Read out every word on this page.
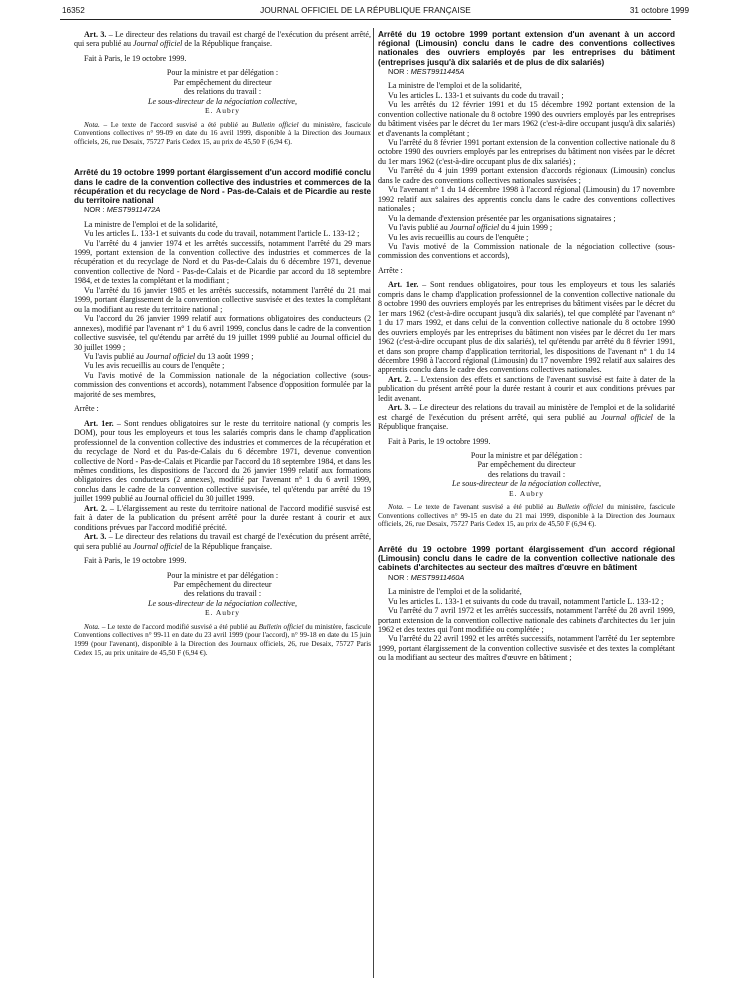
16352	JOURNAL OFFICIEL DE LA RÉPUBLIQUE FRANÇAISE	31 octobre 1999

Art. 3. – Le directeur des relations du travail est chargé de l'exécution du présent arrêté, qui sera publié au Journal officiel de la République française.

Fait à Paris, le 19 octobre 1999.

Pour la ministre et par délégation :

Par empêchement du directeur

des relations du travail :

Le sous-directeur de la négociation collective,

E. Aubry

Nota. – Le texte de l'accord susvisé a été publié au Bulletin officiel du ministère, fascicule Conventions collectives n° 99-09 en date du 16 avril 1999, disponible à la Direction des Journaux officiels, 26, rue Desaix, 75727 Paris Cedex 15, au prix de 45,50 F (6,94 €).

Arrêté du 19 octobre 1999 portant élargissement d'un accord modifié conclu dans le cadre de la convention collective des industries et commerces de la récupération et du recyclage de Nord - Pas-de-Calais et de Picardie au reste du territoire national

NOR : MEST9911472A

La ministre de l'emploi et de la solidarité,

Vu les articles L. 133-1 et suivants du code du travail, notamment l'article L. 133-12 ;

Vu l'arrêté du 4 janvier 1974 et les arrêtés successifs, notamment l'arrêté du 29 mars 1999, portant extension de la convention collective des industries et commerces de la récupération et du recyclage de Nord et du Pas-de-Calais du 6 décembre 1971, devenue convention collective de Nord - Pas-de-Calais et de Picardie par accord du 18 septembre 1984, et de textes la complétant et la modifiant ;

Vu l'arrêté du 16 janvier 1985 et les arrêtés successifs, notamment l'arrêté du 21 mai 1999, portant élargissement de la convention collective susvisée et des textes la complétant ou la modifiant au reste du territoire national ;

Vu l'accord du 26 janvier 1999 relatif aux formations obligatoires des conducteurs (2 annexes), modifié par l'avenant n° 1 du 6 avril 1999, conclus dans le cadre de la convention collective susvisée, tel qu'étendu par arrêté du 19 juillet 1999 publié au Journal officiel du 30 juillet 1999 ;

Vu l'avis publié au Journal officiel du 13 août 1999 ;

Vu les avis recueillis au cours de l'enquête ;

Vu l'avis motivé de la Commission nationale de la négociation collective (sous-commission des conventions et accords), notamment l'absence d'opposition formulée par la majorité de ses membres,

Arrête :

Art. 1er. – Sont rendues obligatoires sur le reste du territoire national (y compris les DOM), pour tous les employeurs et tous les salariés compris dans le champ d'application professionnel de la convention collective des industries et commerces de la récupération et du recyclage de Nord et du Pas-de-Calais du 6 décembre 1971, devenue convention collective de Nord - Pas-de-Calais et Picardie par l'accord du 18 septembre 1984, et dans les mêmes conditions, les dispositions de l'accord du 26 janvier 1999 relatif aux formations obligatoires des conducteurs (2 annexes), modifié par l'avenant n° 1 du 6 avril 1999, conclus dans le cadre de la convention collective susvisée, tel qu'étendu par arrêté du 19 juillet 1999 publié au Journal officiel du 30 juillet 1999.

Art. 2. – L'élargissement au reste du territoire national de l'accord modifié susvisé est fait à dater de la publication du présent arrêté pour la durée restant à courir et aux conditions prévues par l'accord modifié précité.

Art. 3. – Le directeur des relations du travail est chargé de l'exécution du présent arrêté, qui sera publié au Journal officiel de la République française.

Fait à Paris, le 19 octobre 1999.

Pour la ministre et par délégation :

Par empêchement du directeur

des relations du travail :

Le sous-directeur de la négociation collective,

E. Aubry

Nota. – Le texte de l'accord modifié susvisé a été publié au Bulletin officiel du ministère, fascicule Conventions collectives n° 99-11 en date du 23 avril 1999 (pour l'accord), n° 99-18 en date du 15 juin 1999 (pour l'avenant), disponible à la Direction des Journaux officiels, 26, rue Desaix, 75727 Paris Cedex 15, au prix unitaire de 45,50 F (6,94 €).

Arrêté du 19 octobre 1999 portant extension d'un avenant à un accord régional (Limousin) conclu dans le cadre des conventions collectives nationales des ouvriers employés par les entreprises du bâtiment (entreprises jusqu'à dix salariés et de plus de dix salariés)

NOR : MEST9911445A

La ministre de l'emploi et de la solidarité,

Vu les articles L. 133-1 et suivants du code du travail ;

Vu les arrêtés du 12 février 1991 et du 15 décembre 1992 portant extension de la convention collective nationale du 8 octobre 1990 des ouvriers employés par les entreprises du bâtiment visées par le décret du 1er mars 1962 (c'est-à-dire occupant jusqu'à dix salariés) et d'avenants la complétant ;

Vu l'arrêté du 8 février 1991 portant extension de la convention collective nationale du 8 octobre 1990 des ouvriers employés par les entreprises du bâtiment non visées par le décret du 1er mars 1962 (c'est-à-dire occupant plus de dix salariés) ;

Vu l'arrêté du 4 juin 1999 portant extension d'accords régionaux (Limousin) conclus dans le cadre des conventions collectives nationales susvisées ;

Vu l'avenant n° 1 du 14 décembre 1998 à l'accord régional (Limousin) du 17 novembre 1992 relatif aux salaires des apprentis conclu dans le cadre des conventions collectives nationales ;

Vu la demande d'extension présentée par les organisations signataires ;

Vu l'avis publié au Journal officiel du 4 juin 1999 ;

Vu les avis recueillis au cours de l'enquête ;

Vu l'avis motivé de la Commission nationale de la négociation collective (sous-commission des conventions et accords),

Arrête :

Art. 1er. – Sont rendues obligatoires, pour tous les employeurs et tous les salariés compris dans le champ d'application professionnel de la convention collective nationale du 8 octobre 1990 des ouvriers employés par les entreprises du bâtiment visées par le décret du 1er mars 1962 (c'est-à-dire occupant jusqu'à dix salariés), tel que complété par l'avenant n° 1 du 17 mars 1992, et dans celui de la convention collective nationale du 8 octobre 1990 des ouvriers employés par les entreprises du bâtiment non visées par le décret du 1er mars 1962 (c'est-à-dire occupant plus de dix salariés), tel qu'étendu par arrêté du 8 février 1991, et dans son propre champ d'application territorial, les dispositions de l'avenant n° 1 du 14 décembre 1998 à l'accord régional (Limousin) du 17 novembre 1992 relatif aux salaires des apprentis conclu dans le cadre des conventions collectives nationales.

Art. 2. – L'extension des effets et sanctions de l'avenant susvisé est faite à dater de la publication du présent arrêté pour la durée restant à courir et aux conditions prévues par ledit avenant.

Art. 3. – Le directeur des relations du travail au ministère de l'emploi et de la solidarité est chargé de l'exécution du présent arrêté, qui sera publié au Journal officiel de la République française.

Fait à Paris, le 19 octobre 1999.

Pour la ministre et par délégation :

Par empêchement du directeur

des relations du travail :

Le sous-directeur de la négociation collective,

E. Aubry

Nota. – Le texte de l'avenant susvisé a été publié au Bulletin officiel du ministère, fascicule Conventions collectives n° 99-15 en date du 21 mai 1999, disponible à la Direction des Journaux officiels, 26, rue Desaix, 75727 Paris Cedex 15, au prix de 45,50 F (6,94 €).

Arrêté du 19 octobre 1999 portant élargissement d'un accord régional (Limousin) conclu dans le cadre de la convention collective nationale des cabinets d'architectes au secteur des maîtres d'œuvre en bâtiment

NOR : MEST9911460A

La ministre de l'emploi et de la solidarité,

Vu les articles L. 133-1 et suivants du code du travail, notamment l'article L. 133-12 ;

Vu l'arrêté du 7 avril 1972 et les arrêtés successifs, notamment l'arrêté du 28 avril 1999, portant extension de la convention collective nationale des cabinets d'architectes du 1er juin 1962 et des textes qui l'ont modifiée ou complétée ;

Vu l'arrêté du 22 avril 1992 et les arrêtés successifs, notamment l'arrêté du 1er septembre 1999, portant élargissement de la convention collective susvisée et des textes la complétant ou la modifiant au secteur des maîtres d'œuvre en bâtiment ;
